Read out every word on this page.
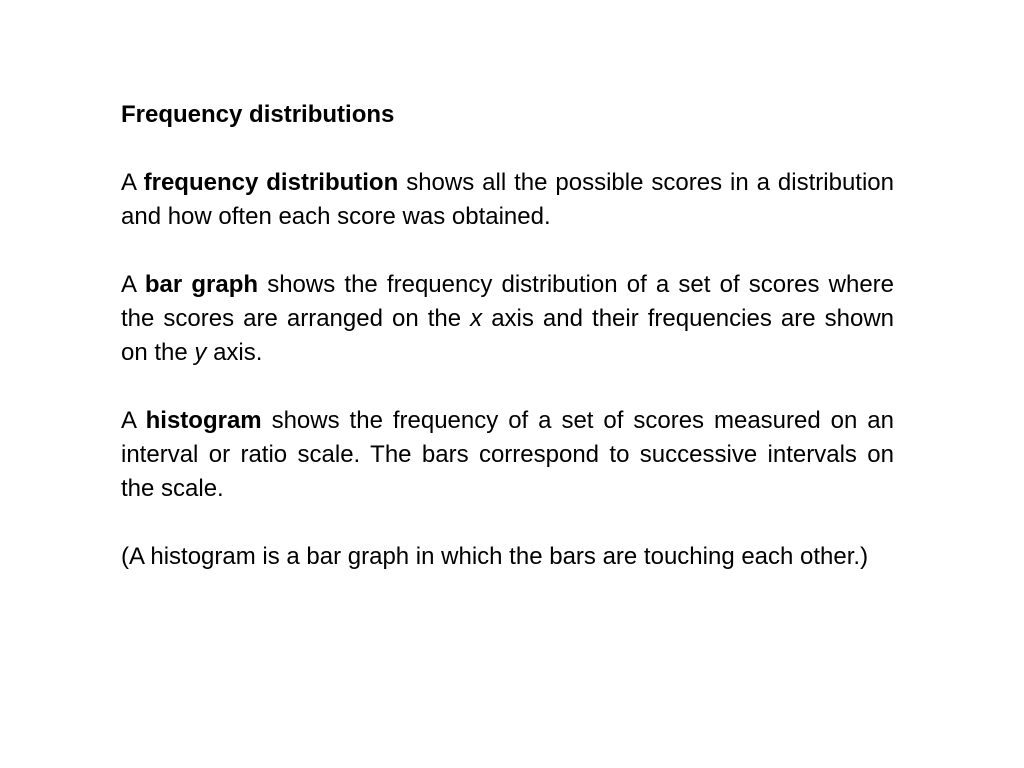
Frequency distributions

A frequency distribution shows all the possible scores in a distribution and how often each score was obtained.

A bar graph shows the frequency distribution of a set of scores where the scores are arranged on the x axis and their frequencies are shown on the y axis.

A histogram shows the frequency of a set of scores measured on an interval or ratio scale. The bars correspond to successive intervals on the scale.

(A histogram is a bar graph in which the bars are touching each other.)
